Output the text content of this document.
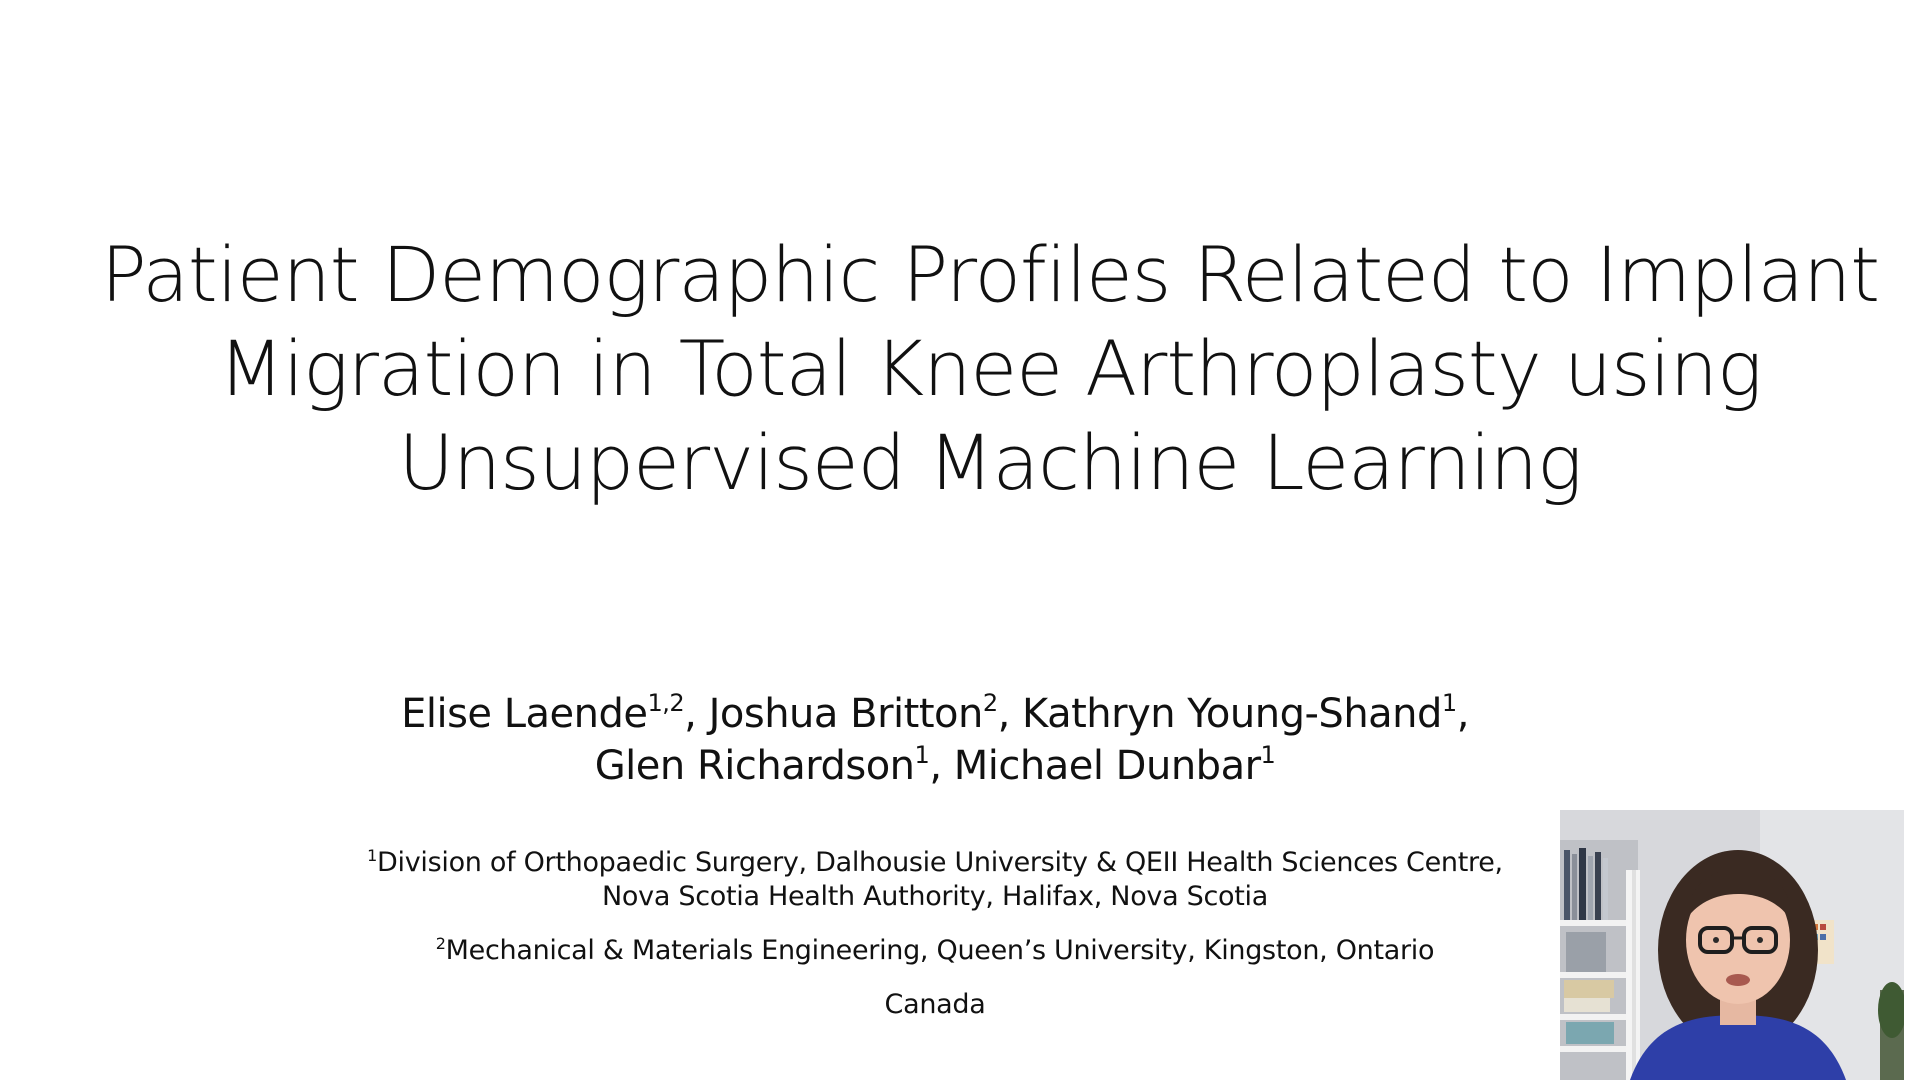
Patient Demographic Profiles Related to Implant
Migration in Total Knee Arthroplasty using
Unsupervised Machine Learning
Elise Laende$^{1,2}$, Joshua Britton$^2$, Kathryn Young-Shand$^1$,
Glen Richardson$^1$, Michael Dunbar$^1$
$^1$Division of Orthopaedic Surgery, Dalhousie University & QEII Health Sciences Centre,
Nova Scotia Health Authority, Halifax, Nova Scotia
$^2$Mechanical & Materials Engineering, Queen’s University, Kingston, Ontario
Canada
